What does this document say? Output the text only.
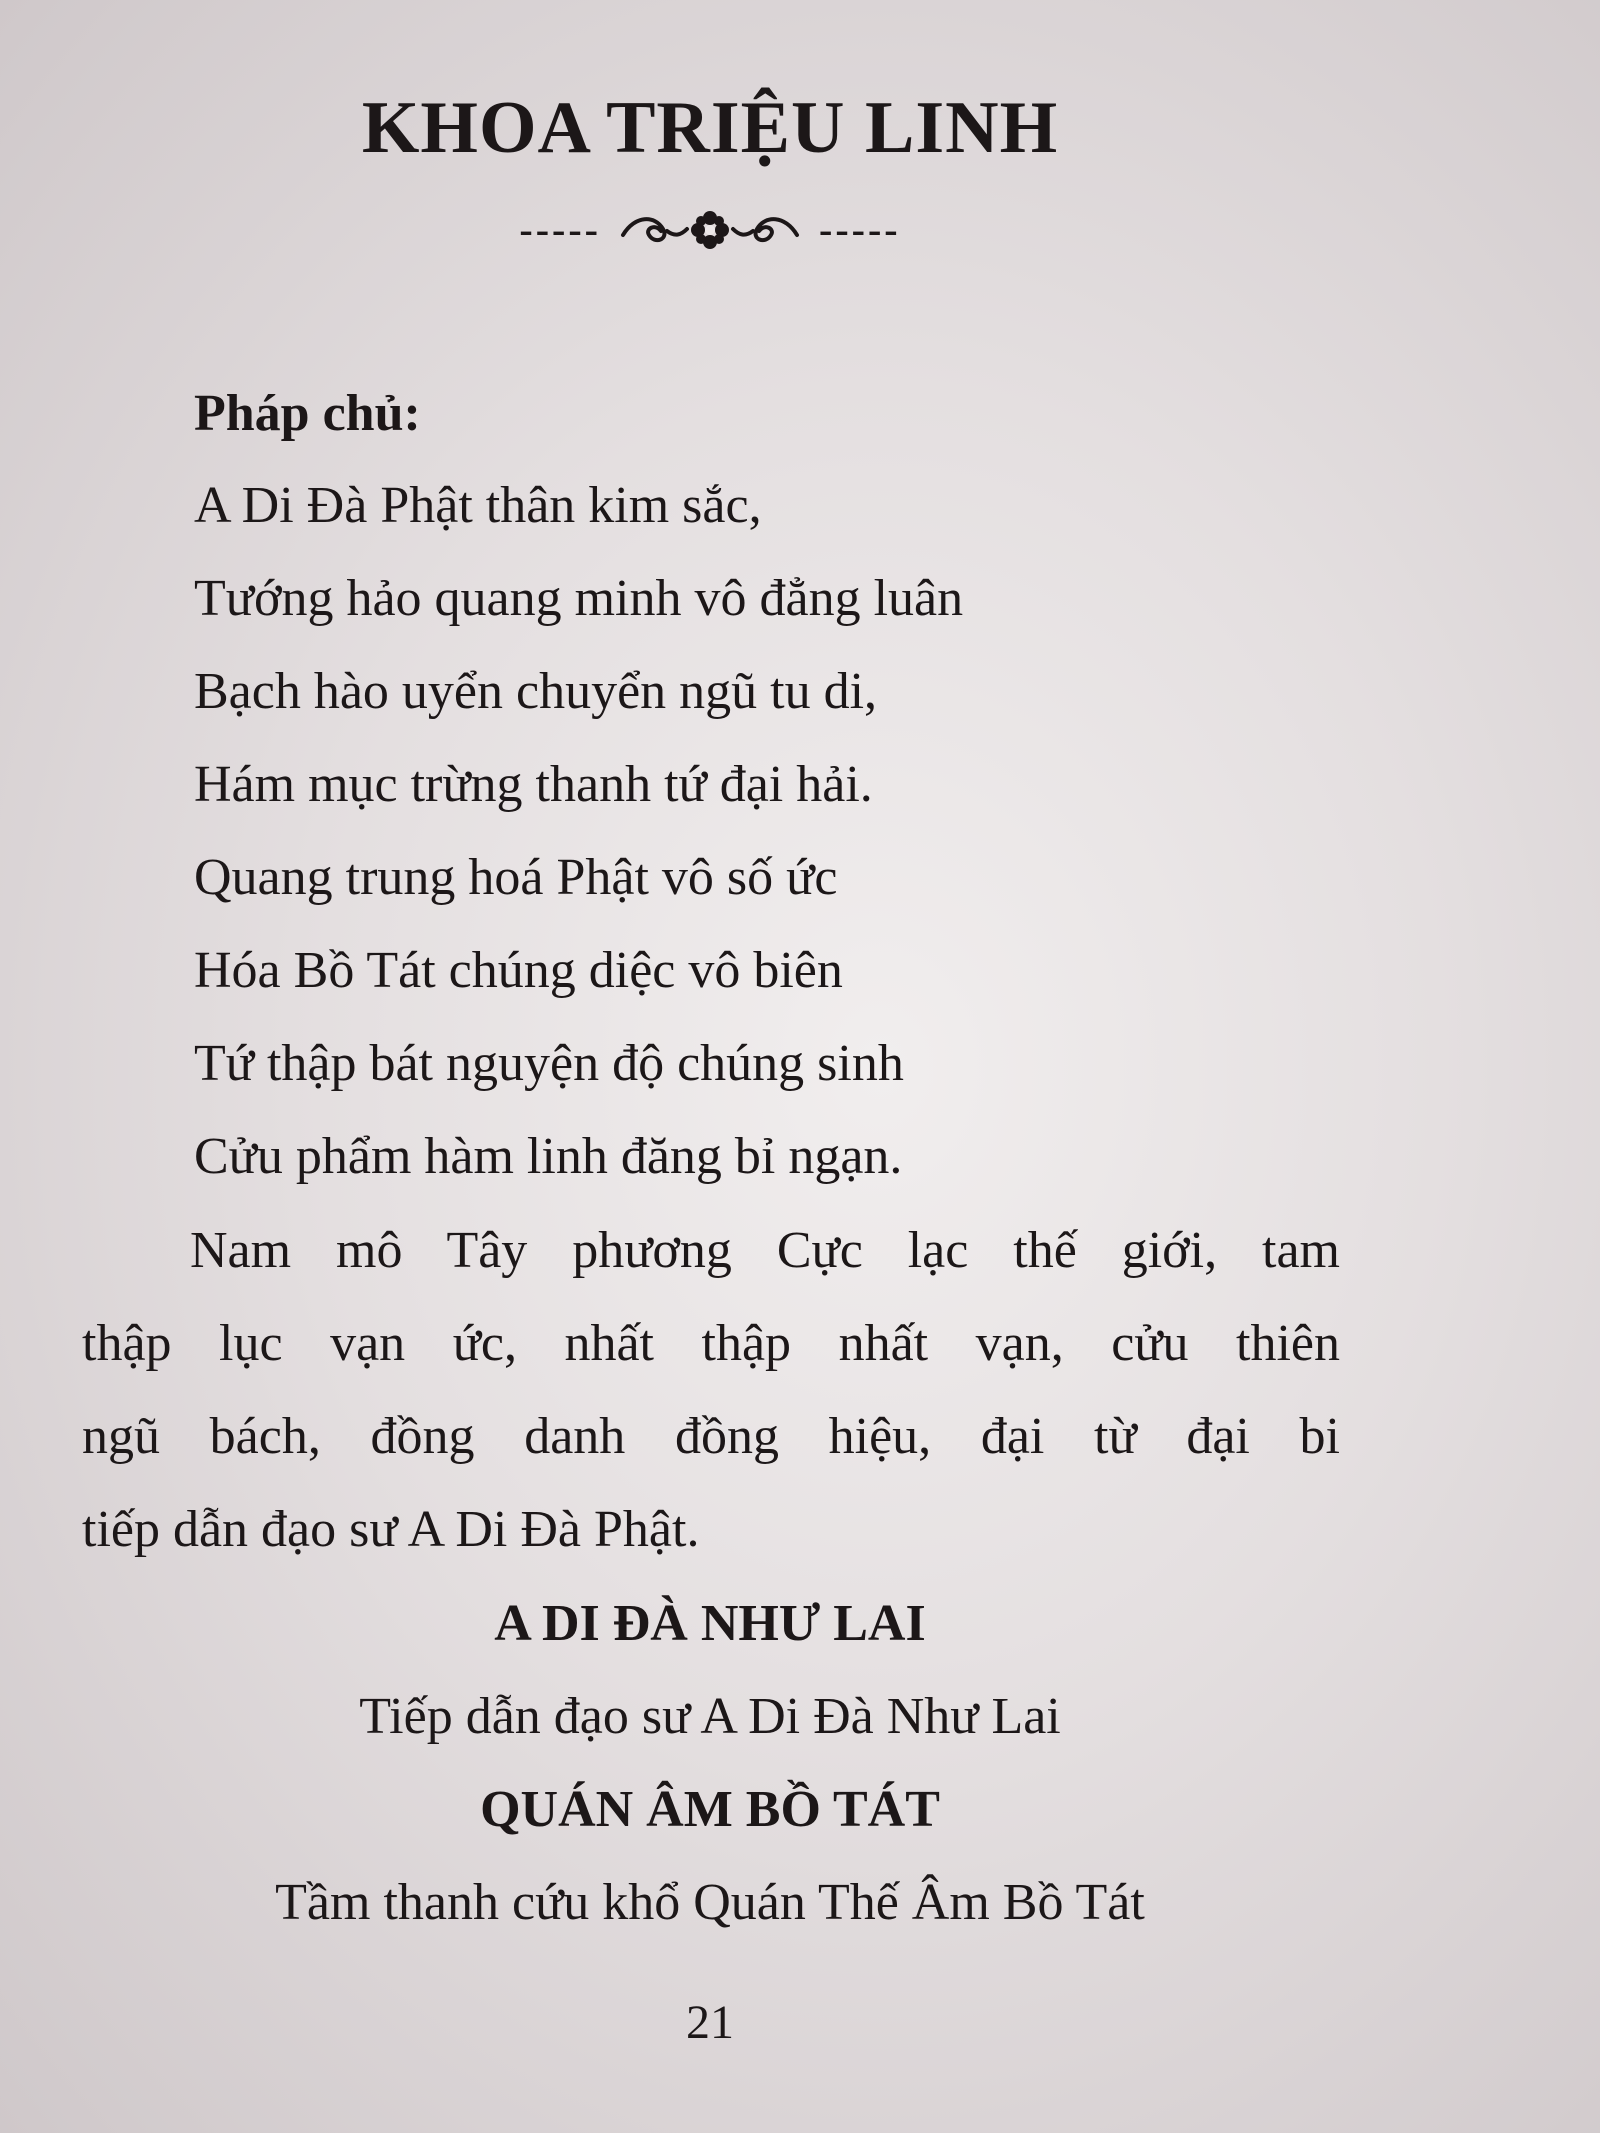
KHOA TRIỆU LINH
-----	-----
Pháp chủ:
A Di Đà Phật thân kim sắc,
Tướng hảo quang minh vô đẳng luân
Bạch hào uyển chuyển ngũ tu di,
Hám mục trừng thanh tứ đại hải.
Quang trung hoá Phật vô số ức
Hóa Bồ Tát chúng diệc vô biên
Tứ thập bát nguyện độ chúng sinh
Cửu phẩm hàm linh đăng bỉ ngạn.
Nam mô Tây phương Cực lạc thế giới, tam
thập lục vạn ức, nhất thập nhất vạn, cửu thiên
ngũ bách, đồng danh đồng hiệu, đại từ đại bi
tiếp dẫn đạo sư A Di Đà Phật.
A DI ĐÀ NHƯ LAI
Tiếp dẫn đạo sư A Di Đà Như Lai
QUÁN ÂM BỒ TÁT
Tầm thanh cứu khổ Quán Thế Âm Bồ Tát
21
